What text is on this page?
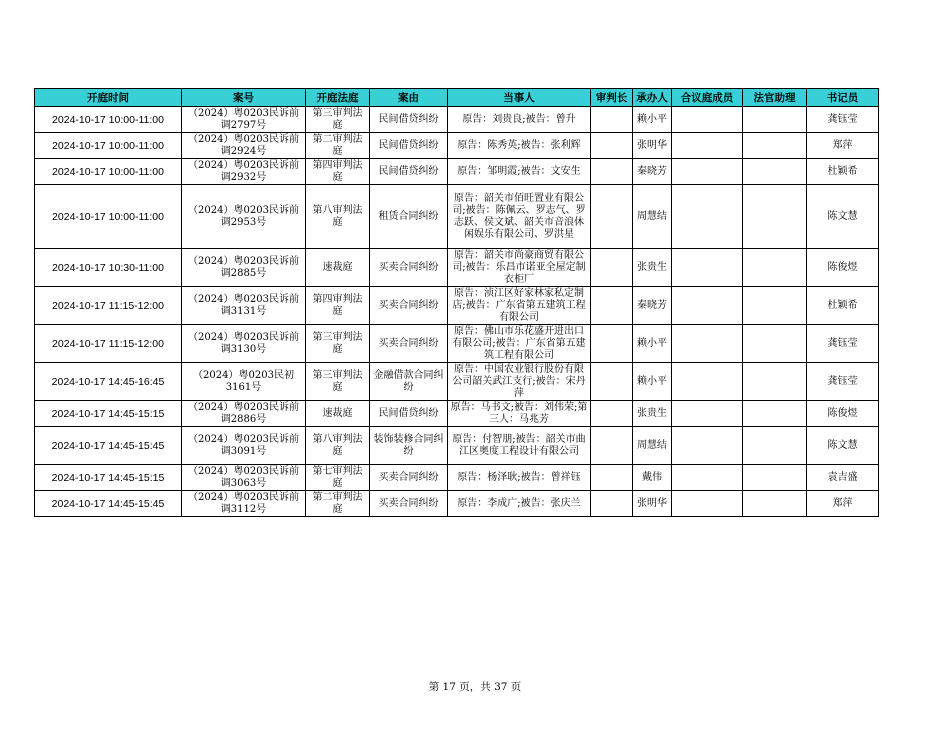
开庭时间	案号	开庭法庭	案由	当事人	审判长	承办人	合议庭成员	法官助理	书记员
2024-10-17 10:00-11:00	（2024）粤0203民诉前调2797号	第三审判法庭	民间借贷纠纷	原告：刘贵良;被告：曾升		赖小平			龚钰莹
2024-10-17 10:00-11:00	（2024）粤0203民诉前调2924号	第二审判法庭	民间借贷纠纷	原告：陈秀英;被告：张利辉		张明华			郑萍
2024-10-17 10:00-11:00	（2024）粤0203民诉前调2932号	第四审判法庭	民间借贷纠纷	原告：邹明霞;被告：文安生		秦晓芳			杜颖希
2024-10-17 10:00-11:00	（2024）粤0203民诉前调2953号	第八审判法庭	租赁合同纠纷	原告：韶关市佰旺置业有限公司;被告：陈佩云、罗志气、罗志跃、侯文斌、韶关市音浪休闲娱乐有限公司、罗洪星		周慧结			陈文慧
2024-10-17 10:30-11:00	（2024）粤0203民诉前调2885号	速裁庭	买卖合同纠纷	原告：韶关市尚豪商贸有限公司;被告：乐昌市诺亚全屋定制衣柜厂		张贵生			陈俊煜
2024-10-17 11:15-12:00	（2024）粤0203民诉前调3131号	第四审判法庭	买卖合同纠纷	原告：浈江区好家林家私定制店;被告：广东省第五建筑工程有限公司		秦晓芳			杜颖希
2024-10-17 11:15-12:00	（2024）粤0203民诉前调3130号	第三审判法庭	买卖合同纠纷	原告：佛山市乐花盛开进出口有限公司;被告：广东省第五建筑工程有限公司		赖小平			龚钰莹
2024-10-17 14:45-16:45	（2024）粤0203民初3161号	第三审判法庭	金融借款合同纠纷	原告：中国农业银行股份有限公司韶关武江支行;被告：宋丹萍		赖小平			龚钰莹
2024-10-17 14:45-15:15	（2024）粤0203民诉前调2886号	速裁庭	民间借贷纠纷	原告：马书文;被告：刘伟荣;第三人：马兆芳		张贵生			陈俊煜
2024-10-17 14:45-15:45	（2024）粤0203民诉前调3091号	第八审判法庭	装饰装修合同纠纷	原告：付智朋;被告：韶关市曲江区奥度工程设计有限公司		周慧结			陈文慧
2024-10-17 14:45-15:15	（2024）粤0203民诉前调3063号	第七审判法庭	买卖合同纠纷	原告：杨泽耿;被告：曾祥钰		戴伟			袁吉盛
2024-10-17 14:45-15:45	（2024）粤0203民诉前调3112号	第二审判法庭	买卖合同纠纷	原告：李成广;被告：张庆兰		张明华			郑萍
第 17 页，共 37 页
